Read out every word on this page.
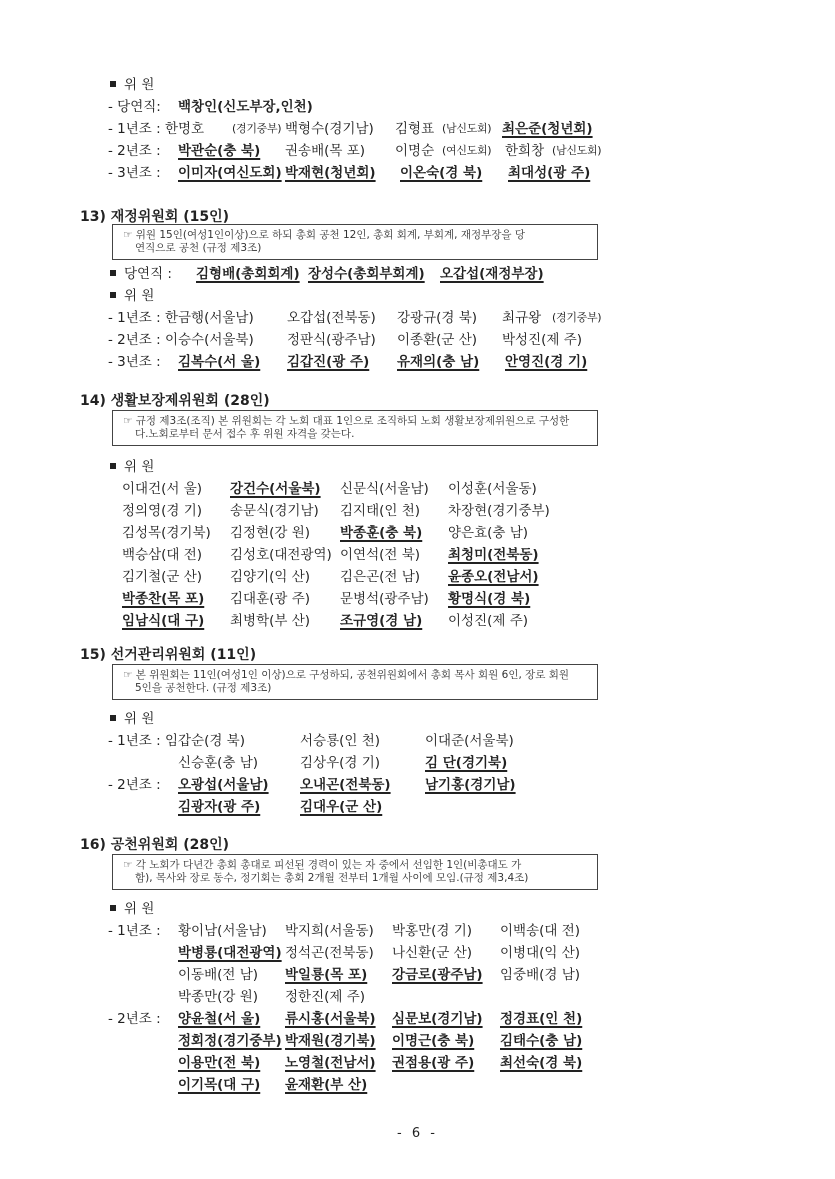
위 원
- 당연직: 백창인(신도부장,인천)
- 1년조 : 한명호	(경기중부) 백형수(경기남) 김형표 (남신도회) 최은준(청년회)
- 2년조 : 박관순(충 북) 권송배(목 포) 이명순 (여신도회) 한희창 (남신도회)
- 3년조 : 이미자(여신도회) 박재현(청년회) 이온숙(경 북) 최대성(광 주)
13) 재정위원회 (15인)

☞ 위원 15인(여성1인이상)으로 하되 총회 공천 12인, 총회 회계, 부회계, 재정부장을 당

연직으로 공천 (규정 제3조)

당연직 : 김형배(총회회계) 장성수(총회부회계) 오갑섭(재정부장)
위 원
- 1년조 : 한금행(서울남) 오갑섭(전북동) 강광규(경 북) 최규왕 (경기중부)
- 2년조 : 이승수(서울북) 정판식(광주남) 이종환(군 산) 박성진(제 주)
- 3년조 : 김복수(서 울) 김갑진(광 주) 유재의(충 남) 안영진(경 기)
14) 생활보장제위원회 (28인)

☞ 규정 제3조(조직) 본 위원회는 각 노회 대표 1인으로 조직하되 노회 생활보장제위원으로 구성한

다.노회로부터 문서 접수 후 위원 자격을 갖는다.

위 원
이대건(서 울) 강건수(서울북) 신문식(서울남) 이성훈(서울동)
정의영(경 기) 송문식(경기남) 김지태(인 천) 차장현(경기중부)
김성목(경기북) 김정현(강 원) 박종훈(충 북) 양은효(충 남)
백승삼(대 전) 김성호(대전광역) 이연석(전 북) 최청미(전북동)
김기철(군 산) 김양기(익 산) 김은곤(전 남) 윤종오(전남서)
박종찬(목 포) 김대훈(광 주) 문병석(광주남) 황명식(경 북)
임남식(대 구) 최병학(부 산) 조규영(경 남) 이성진(제 주)
15) 선거관리위원회 (11인)

☞ 본 위원회는 11인(여성1인 이상)으로 구성하되, 공천위원회에서 총회 목사 회원 6인, 장로 회원

5인을 공천한다. (규정 제3조)

위 원
- 1년조 : 임갑순(경 북)	서승룡(인 천)	이대준(서울북)
신승훈(충 남)	김상우(경 기)	김 단(경기북)
- 2년조 : 오광섭(서울남) 오내곤(전북동)	남기홍(경기남)
김광자(광 주)	김대우(군 산)
16) 공천위원회 (28인)

☞ 각 노회가 다년간 총회 총대로 피선된 경력이 있는 자 중에서 선임한 1인(비총대도 가

함), 목사와 장로 동수, 정기회는 총회 2개월 전부터 1개월 사이에 모임.(규정 제3,4조)

위 원
- 1년조 : 황이남(서울남) 박지희(서울동) 박홍만(경 기) 이백송(대 전)
박병룡(대전광역) 정석곤(전북동) 나신환(군 산) 이병대(익 산)
이동배(전 남) 박일룡(목 포) 강금로(광주남) 임중배(경 남)
박종만(강 원) 정한진(제 주)
- 2년조 : 양윤철(서 울) 류시홍(서울북) 심문보(경기남) 정경표(인 천)
정회정(경기중부) 박재원(경기북) 이명근(충 북) 김태수(충 남)
이용만(전 북) 노영철(전남서) 권점용(광 주) 최선숙(경 북)
이기목(대 구) 윤재환(부 산)
- 6 -
